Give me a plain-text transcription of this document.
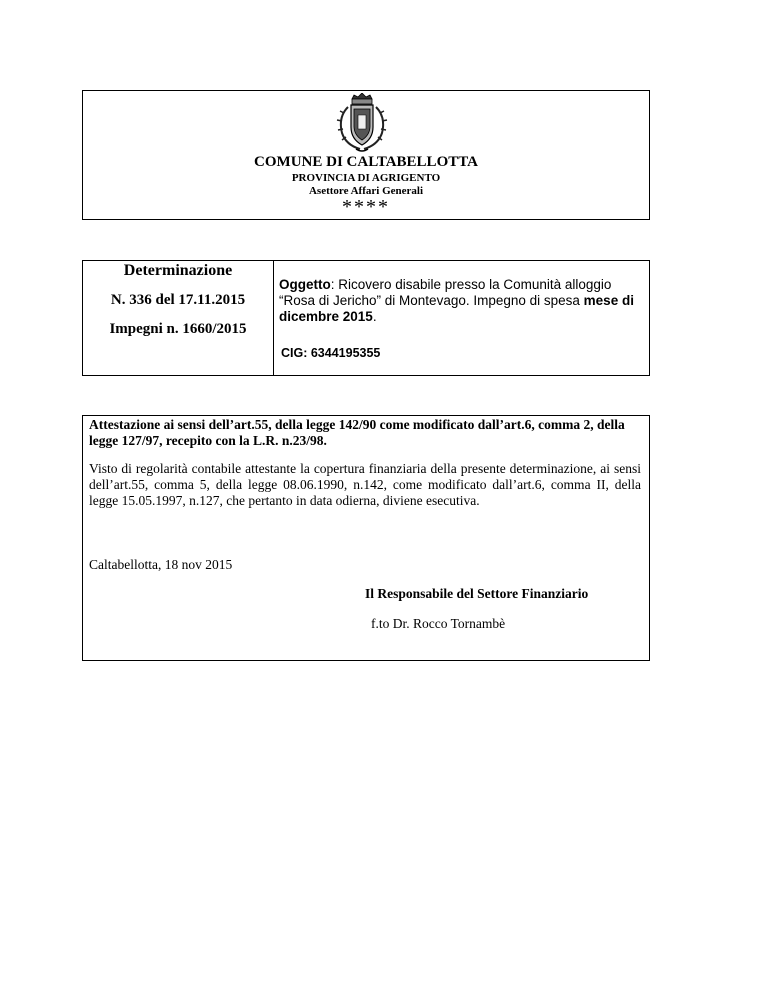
COMUNE DI CALTABELLOTTA
PROVINCIA DI AGRIGENTO
Asettore Affari Generali
****
Determinazione
N. 336 del 17.11.2015
Impegni n. 1660/2015
Oggetto: Ricovero disabile presso la Comunità alloggio “Rosa di Jericho” di Montevago. Impegno di spesa mese di dicembre 2015.
CIG: 6344195355
Attestazione ai sensi dell’art.55, della legge 142/90 come modificato dall’art.6, comma 2, della legge 127/97, recepito con la L.R. n.23/98.
Visto di regolarità contabile attestante la copertura finanziaria della presente determinazione, ai sensi dell’art.55, comma 5, della legge 08.06.1990, n.142, come modificato dall’art.6, comma II, della legge 15.05.1997, n.127, che pertanto in data odierna, diviene esecutiva.
Caltabellotta, 18 nov 2015
Il Responsabile del Settore Finanziario
f.to Dr. Rocco Tornambè
